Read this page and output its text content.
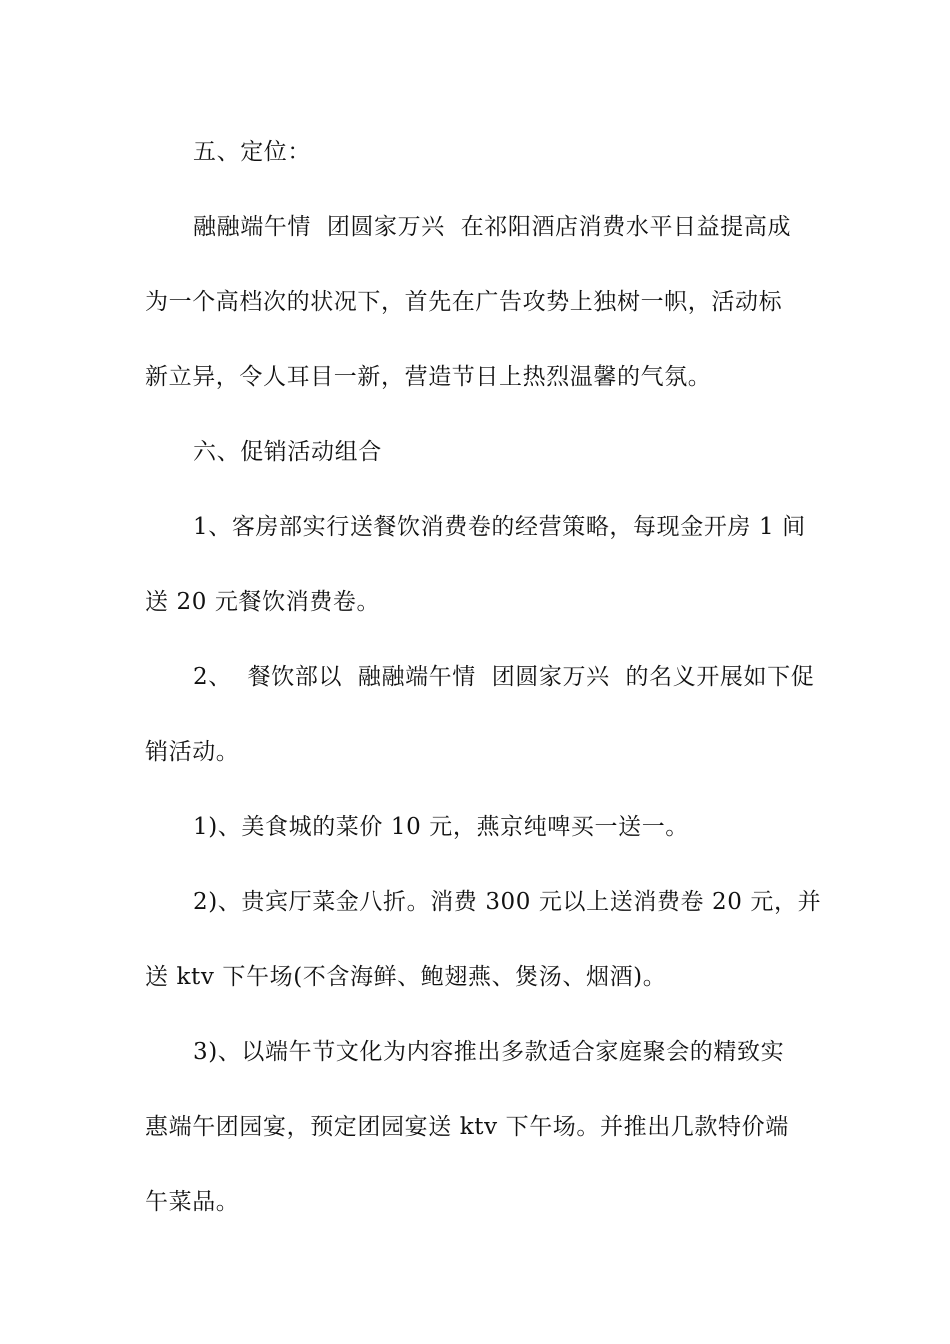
五、定位：
融融端午情  团圆家万兴  在祁阳酒店消费水平日益提高成
为一个高档次的状况下，首先在广告攻势上独树一帜，活动标
新立异，令人耳目一新，营造节日上热烈温馨的气氛。
六、促销活动组合
1、客房部实行送餐饮消费卷的经营策略，每现金开房 1 间
送 20 元餐饮消费卷。
2、  餐饮部以  融融端午情  团圆家万兴  的名义开展如下促
销活动。
1)、美食城的菜价 10 元，燕京纯啤买一送一。
2)、贵宾厅菜金八折。消费 300 元以上送消费卷 20 元，并
送 ktv 下午场(不含海鲜、鲍翅燕、煲汤、烟酒)。
3)、以端午节文化为内容推出多款适合家庭聚会的精致实
惠端午团园宴，预定团园宴送 ktv 下午场。并推出几款特价端
午菜品。
